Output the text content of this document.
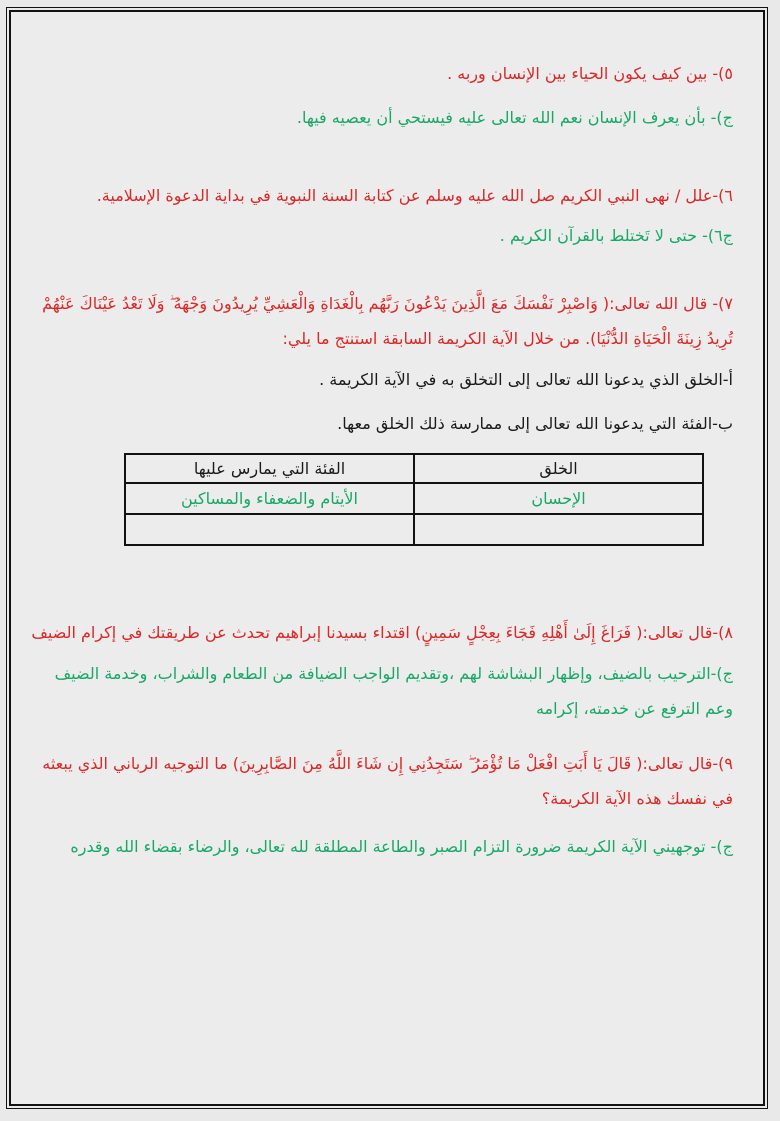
٥)- بين كيف يكون الحياء بين الإنسان وربه .

ج)- بأن يعرف الإنسان نعم الله تعالى عليه فيستحي أن يعصيه فيها.

٦)-علل / نهى النبي الكريم صل الله عليه وسلم عن كتابة السنة النبوية في بداية الدعوة الإسلامية.

ج٦)- حتى لا تَختلط بالقرآن الكريم .

٧)- قال الله تعالى:( وَاصْبِرْ نَفْسَكَ مَعَ الَّذِينَ يَدْعُونَ رَبَّهُم بِالْغَدَاةِ وَالْعَشِيِّ يُرِيدُونَ وَجْهَهُ ۖ وَلَا تَعْدُ عَيْنَاكَ عَنْهُمْ تُرِيدُ زِينَةَ الْحَيَاةِ الدُّنْيَا). من خلال الآية الكريمة السابقة استنتج ما يلي:

أ-الخلق الذي يدعونا الله تعالى إلى التخلق به في الآية الكريمة .

ب-الفئة التي يدعونا الله تعالى إلى ممارسة ذلك الخلق معها.

الخلق	الفئة التي يمارس عليها
الإحسان	الأيتام والضعفاء والمساكين

٨)-قال تعالى:( فَرَاغَ إِلَىٰ أَهْلِهِ فَجَاءَ بِعِجْلٍ سَمِينٍ) اقتداء بسيدنا إبراهيم تحدث عن طريقتك في إكرام الضيف

ج)-الترحيب بالضيف، وإظهار البشاشة لهم ،وتقديم الواجب الضيافة من الطعام والشراب، وخدمة الضيف وعم الترفع عن خدمته، إكرامه

٩)-قال تعالى:( قَالَ يَا أَبَتِ افْعَلْ مَا تُؤْمَرُ ۖ سَتَجِدُنِي إِن شَاءَ اللَّهُ مِنَ الصَّابِرِينَ) ما التوجيه الرباني الذي يبعثه في نفسك هذه الآية الكريمة؟

ج)- توجهيني الآية الكريمة ضرورة التزام الصبر والطاعة المطلقة لله تعالى، والرضاء بقضاء الله وقدره
